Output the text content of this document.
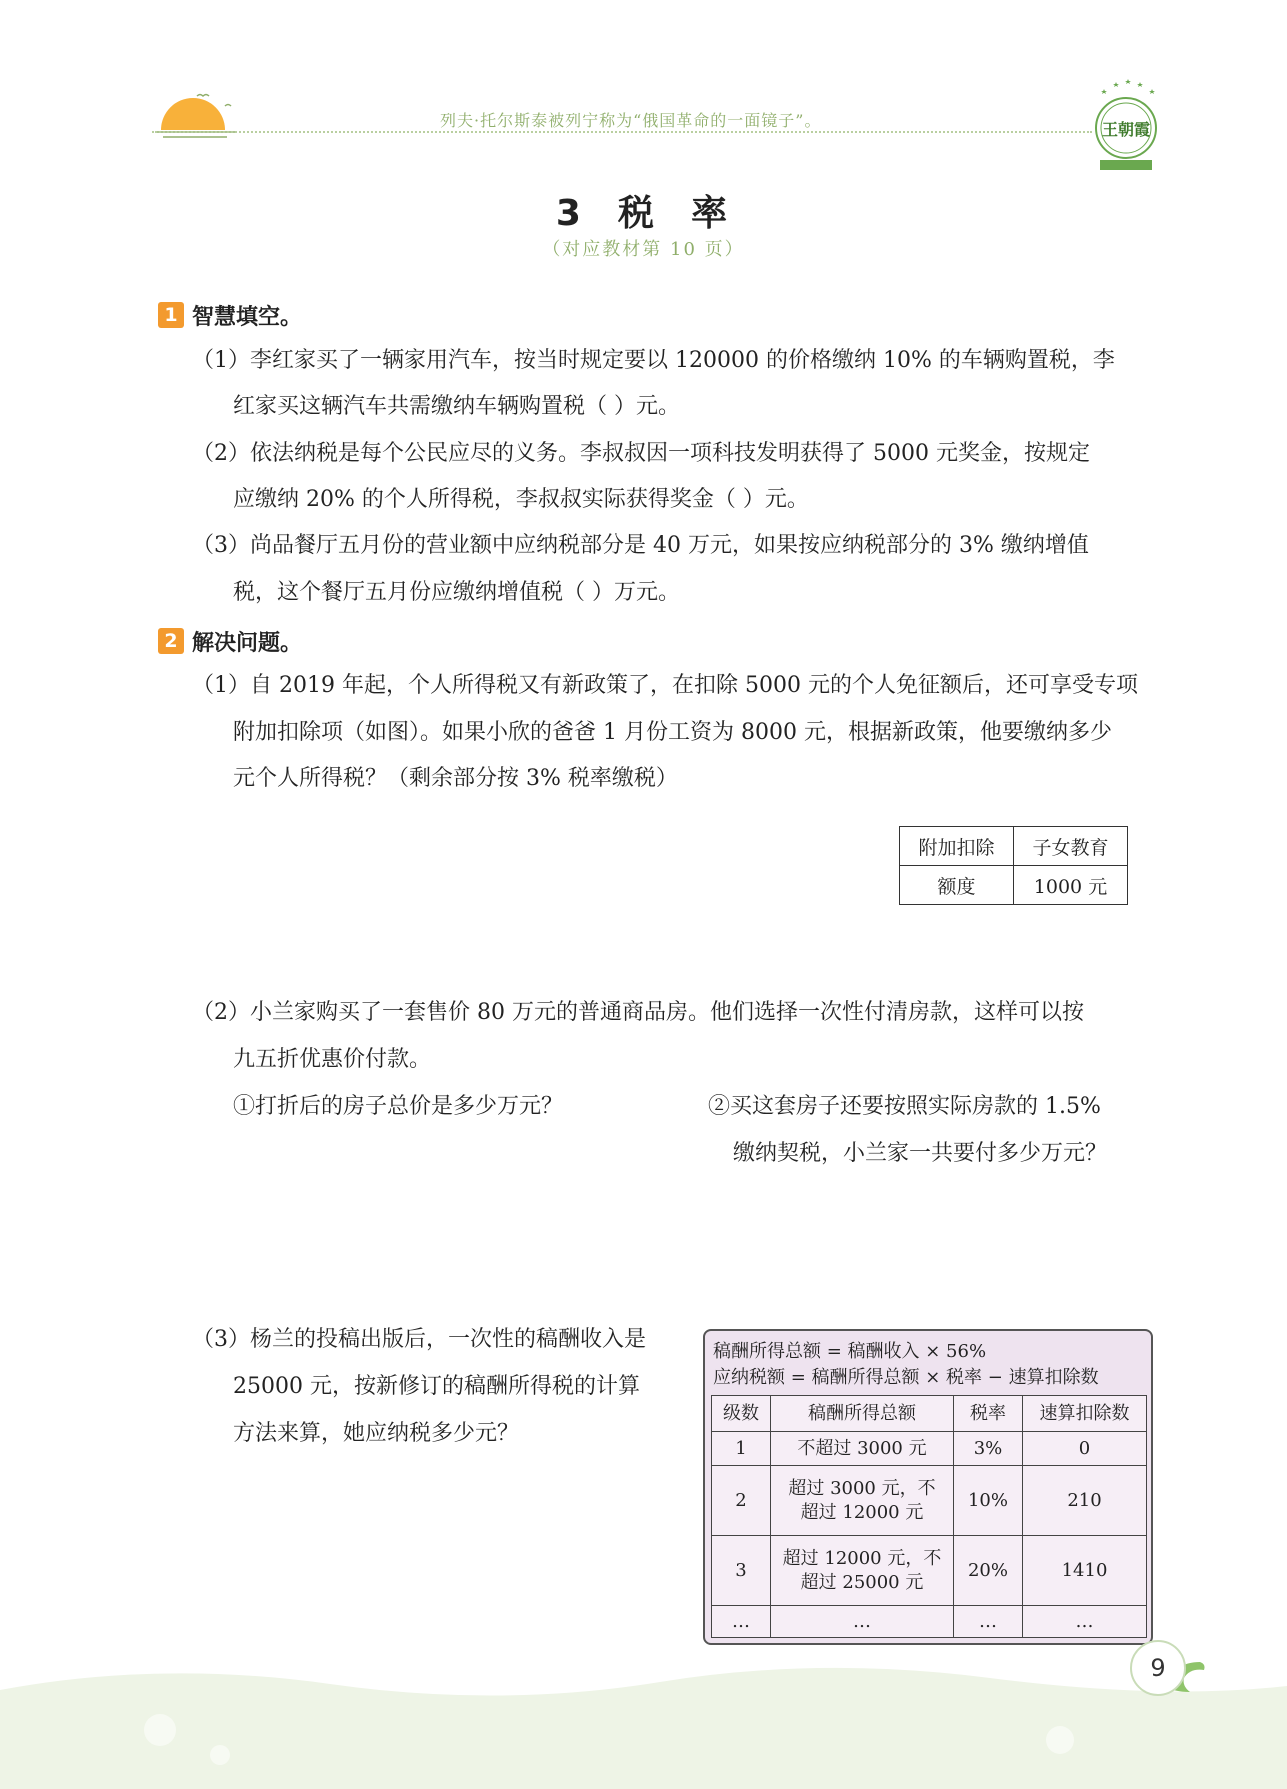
列夫·托尔斯泰被列宁称为“俄国革命的一面镜子”。	王朝霞
3  税  率
（对应教材第 10 页）
1 智慧填空。
（1）李红家买了一辆家用汽车，按当时规定要以 120000 的价格缴纳 10% 的车辆购置税，李
红家买这辆汽车共需缴纳车辆购置税（ ）元。
（2）依法纳税是每个公民应尽的义务。李叔叔因一项科技发明获得了 5000 元奖金，按规定
应缴纳 20% 的个人所得税，李叔叔实际获得奖金（ ）元。
（3）尚品餐厅五月份的营业额中应纳税部分是 40 万元，如果按应纳税部分的 3% 缴纳增值
税，这个餐厅五月份应缴纳增值税（ ）万元。
2 解决问题。
（1）自 2019 年起，个人所得税又有新政策了，在扣除 5000 元的个人免征额后，还可享受专项
附加扣除项（如图）。如果小欣的爸爸 1 月份工资为 8000 元，根据新政策，他要缴纳多少
元个人所得税？（剩余部分按 3% 税率缴税）
附加扣除	子女教育
额度	1000 元
（2）小兰家购买了一套售价 80 万元的普通商品房。他们选择一次性付清房款，这样可以按
九五折优惠价付款。
①打折后的房子总价是多少万元？	②买这套房子还要按照实际房款的 1.5%
缴纳契税，小兰家一共要付多少万元？
（3）杨兰的投稿出版后，一次性的稿酬收入是
25000 元，按新修订的稿酬所得税的计算
方法来算，她应纳税多少元？
稿酬所得总额 = 稿酬收入 × 56%
应纳税额 = 稿酬所得总额 × 税率 − 速算扣除数
级数	稿酬所得总额	税率	速算扣除数
1	不超过 3000 元	3%	0
2	超过 3000 元，不
超过 12000 元	10%	210
3	超过 12000 元，不
超过 25000 元	20%	1410
…	…	…	…
9
